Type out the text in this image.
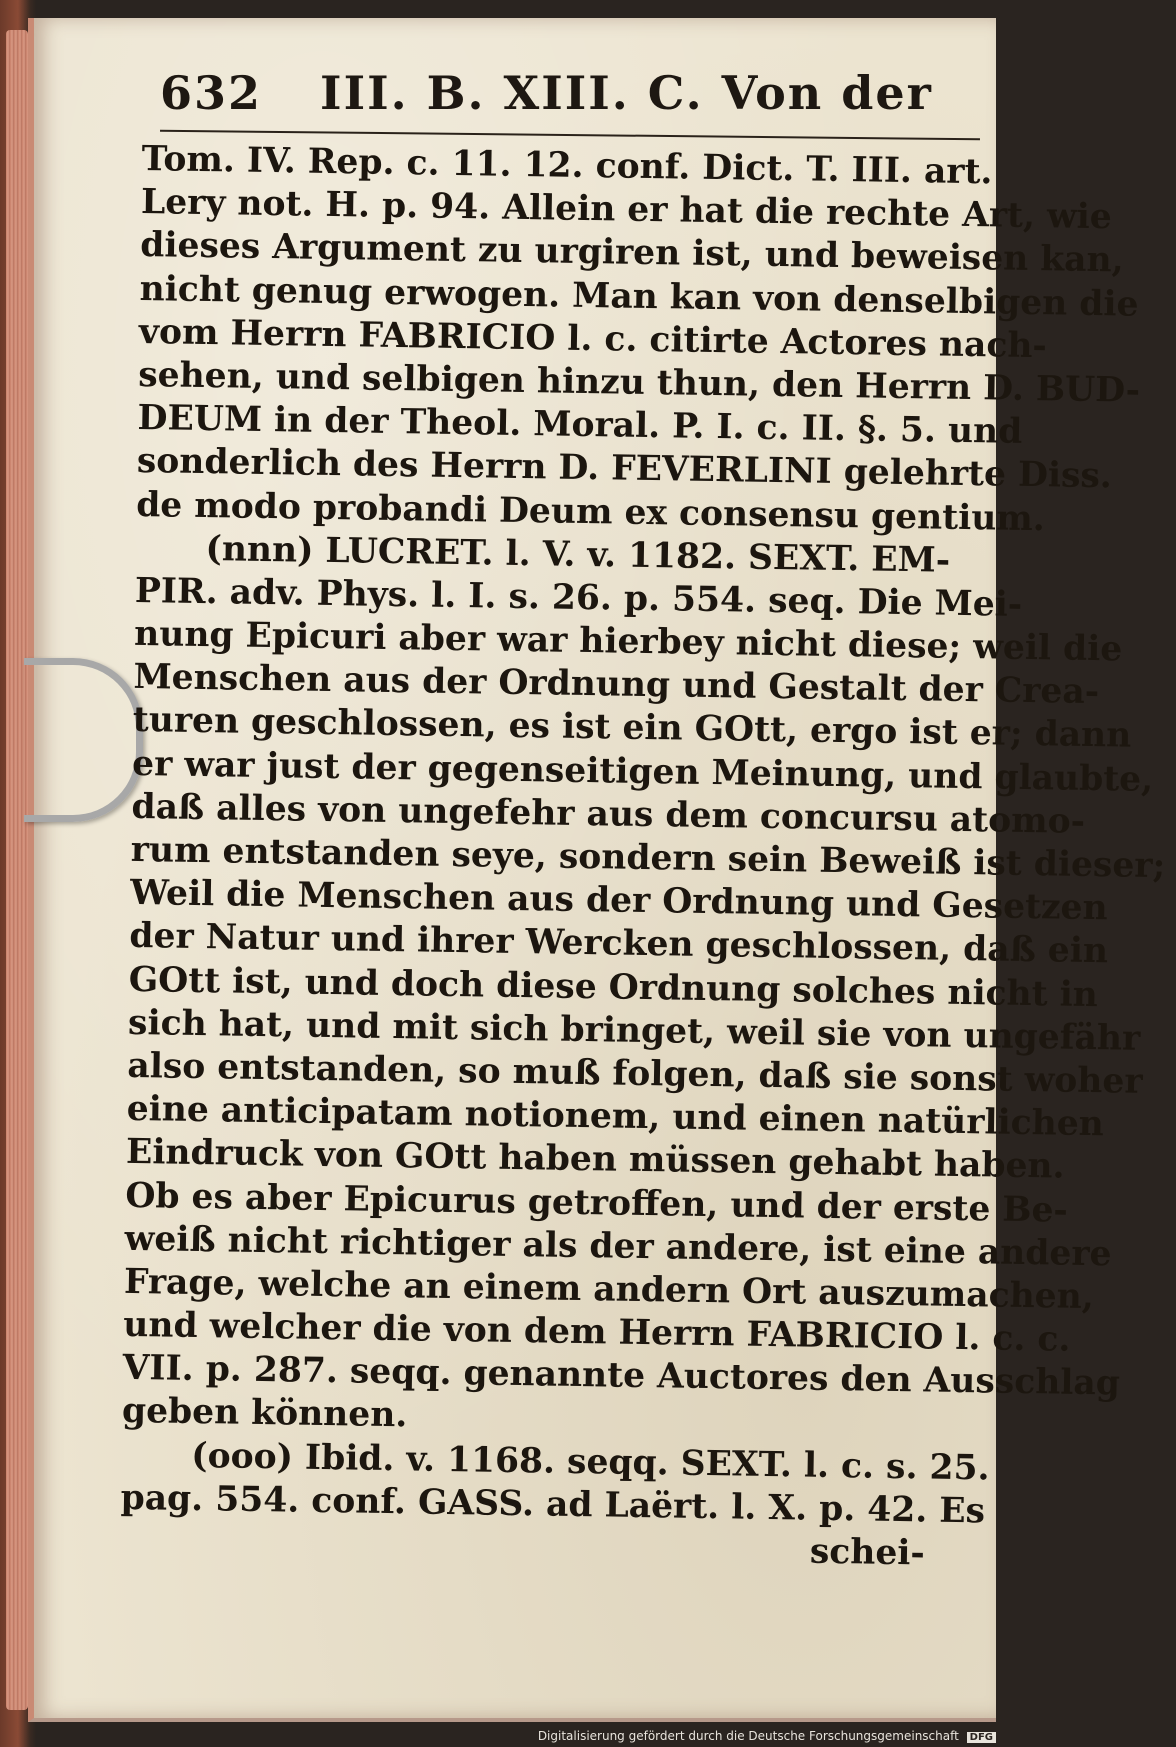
632 III. B. XIII. C. Von der
Tom. IV. Rep. c. 11. 12. conf. Dict. T. III. art.
Lery not. H. p. 94. Allein er hat die rechte Art, wie
dieses Argument zu urgiren ist, und beweisen kan,
nicht genug erwogen. Man kan von denselbigen die
vom Herrn FABRICIO l. c. citirte Actores nach-
sehen, und selbigen hinzu thun, den Herrn D. BUD-
DEUM in der Theol. Moral. P. I. c. II. §. 5. und
sonderlich des Herrn D. FEVERLINI gelehrte Diss.
de modo probandi Deum ex consensu gentium.
(nnn) LUCRET. l. V. v. 1182. SEXT. EM-
PIR. adv. Phys. l. I. s. 26. p. 554. seq. Die Mei-
nung Epicuri aber war hierbey nicht diese; weil die
Menschen aus der Ordnung und Gestalt der Crea-
turen geschlossen, es ist ein GOtt, ergo ist er; dann
er war just der gegenseitigen Meinung, und glaubte,
daß alles von ungefehr aus dem concursu atomo-
rum entstanden seye, sondern sein Beweiß ist dieser;
Weil die Menschen aus der Ordnung und Gesetzen
der Natur und ihrer Wercken geschlossen, daß ein
GOtt ist, und doch diese Ordnung solches nicht in
sich hat, und mit sich bringet, weil sie von ungefähr
also entstanden, so muß folgen, daß sie sonst woher
eine anticipatam notionem, und einen natürlichen
Eindruck von GOtt haben müssen gehabt haben.
Ob es aber Epicurus getroffen, und der erste Be-
weiß nicht richtiger als der andere, ist eine andere
Frage, welche an einem andern Ort auszumachen,
und welcher die von dem Herrn FABRICIO l. c. c.
VII. p. 287. seqq. genannte Auctores den Ausschlag
geben können.
(ooo) Ibid. v. 1168. seqq. SEXT. l. c. s. 25.
pag. 554. conf. GASS. ad Laërt. l. X. p. 42. Es
schei-
Digitalisierung gefördert durch die Deutsche Forschungsgemeinschaft DFG
